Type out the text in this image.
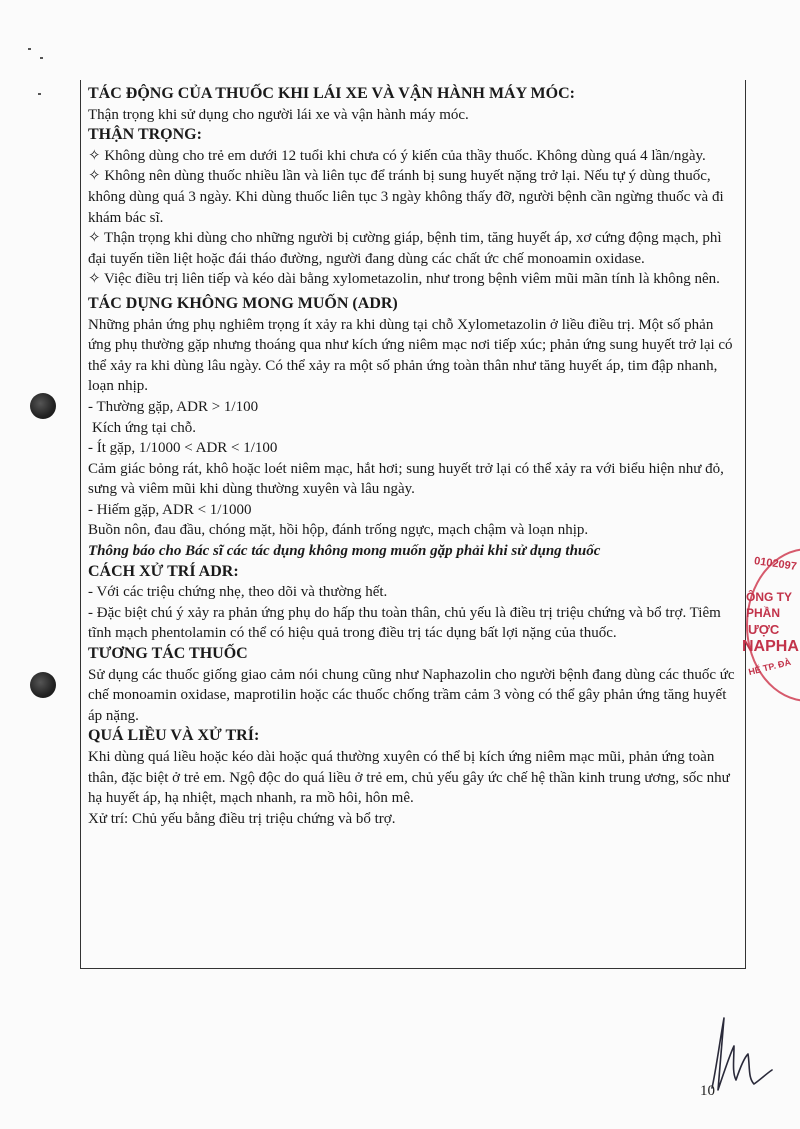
TÁC ĐỘNG CỦA THUỐC KHI LÁI XE VÀ VẬN HÀNH MÁY MÓC:

Thận trọng khi sử dụng cho người lái xe và vận hành máy móc.

THẬN TRỌNG:

✧ Không dùng cho trẻ em dưới 12 tuổi khi chưa có ý kiến của thầy thuốc. Không dùng quá 4 lần/ngày.

✧ Không nên dùng thuốc nhiều lần và liên tục để tránh bị sung huyết nặng trở lại. Nếu tự ý dùng thuốc, không dùng quá 3 ngày. Khi dùng thuốc liên tục 3 ngày không thấy đỡ, người bệnh cần ngừng thuốc và đi khám bác sĩ.

✧ Thận trọng khi dùng cho những người bị cường giáp, bệnh tim, tăng huyết áp, xơ cứng động mạch, phì đại tuyến tiền liệt hoặc đái tháo đường, người đang dùng các chất ức chế monoamin oxidase.

✧ Việc điều trị liên tiếp và kéo dài bằng xylometazolin, như trong bệnh viêm mũi mãn tính là không nên.

TÁC DỤNG KHÔNG MONG MUỐN (ADR)

Những phản ứng phụ nghiêm trọng ít xảy ra khi dùng tại chỗ Xylometazolin ở liều điều trị. Một số phản ứng phụ thường gặp nhưng thoáng qua như kích ứng niêm mạc nơi tiếp xúc; phản ứng sung huyết trở lại có thể xảy ra khi dùng lâu ngày. Có thể xảy ra một số phản ứng toàn thân như tăng huyết áp, tim đập nhanh, loạn nhịp.

- Thường gặp, ADR > 1/100

Kích ứng tại chỗ.

- Ít gặp, 1/1000 < ADR < 1/100

Cảm giác bỏng rát, khô hoặc loét niêm mạc, hắt hơi; sung huyết trở lại có thể xảy ra với biểu hiện như đỏ, sưng và viêm mũi khi dùng thường xuyên và lâu ngày.

- Hiếm gặp, ADR < 1/1000

Buồn nôn, đau đầu, chóng mặt, hồi hộp, đánh trống ngực, mạch chậm và loạn nhịp.

Thông báo cho Bác sĩ các tác dụng không mong muốn gặp phải khi sử dụng thuốc

CÁCH XỬ TRÍ ADR:

- Với các triệu chứng nhẹ, theo dõi và thường hết.

- Đặc biệt chú ý xảy ra phản ứng phụ do hấp thu toàn thân, chủ yếu là điều trị triệu chứng và bổ trợ. Tiêm tĩnh mạch phentolamin có thể có hiệu quả trong điều trị tác dụng bất lợi nặng của thuốc.

TƯƠNG TÁC THUỐC

Sử dụng các thuốc giống giao cảm nói chung cũng như Naphazolin cho người bệnh đang dùng các thuốc ức chế monoamin oxidase, maprotilin hoặc các thuốc chống trầm cảm 3 vòng có thể gây phản ứng tăng huyết áp nặng.

QUÁ LIỀU VÀ XỬ TRÍ:

Khi dùng quá liều hoặc kéo dài hoặc quá thường xuyên có thể bị kích ứng niêm mạc mũi, phản ứng toàn thân, đặc biệt ở trẻ em. Ngộ độc do quá liều ở trẻ em, chủ yếu gây ức chế hệ thần kinh trung ương, sốc như hạ huyết áp, hạ nhiệt, mạch nhanh, ra mồ hôi, hôn mê.

Xử trí: Chủ yếu bằng điều trị triệu chứng và bổ trợ.

0102097
ÔNG TY
PHẦN
ƯỢC
NAPHA
HẾ TP. ĐÀ
10
